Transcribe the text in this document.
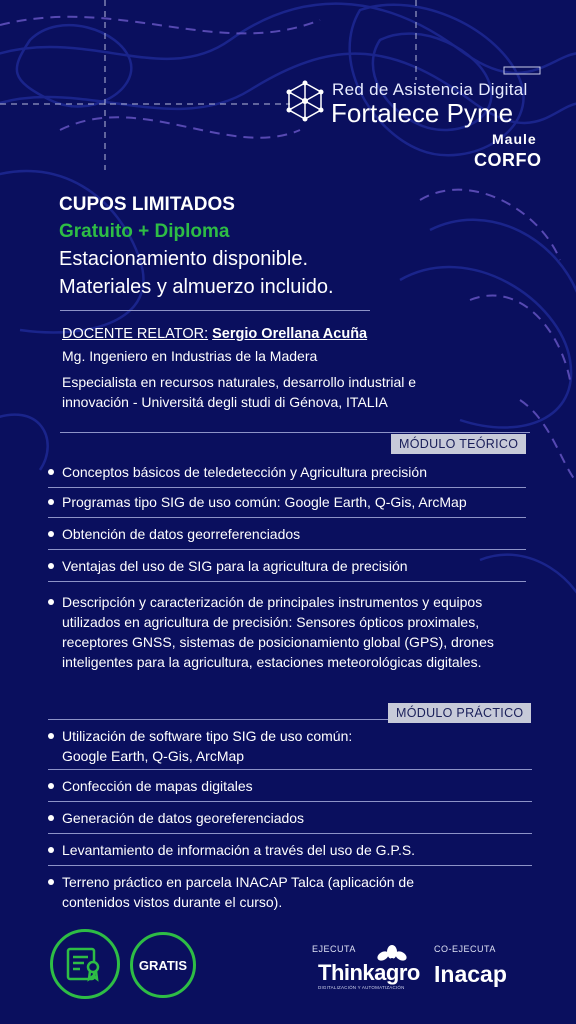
Red de Asistencia Digital
Fortalece Pyme
Maule
CORFO
CUPOS LIMITADOS
Gratuito + Diploma
Estacionamiento disponible.
Materiales y almuerzo incluido.
DOCENTE RELATOR: Sergio Orellana Acuña
Mg. Ingeniero en Industrias de la Madera
Especialista en recursos naturales, desarrollo industrial e innovación - Universitá degli studi di Génova, ITALIA
MÓDULO TEÓRICO
Conceptos básicos de teledetección y Agricultura precisión
Programas tipo SIG de uso común: Google Earth, Q-Gis, ArcMap
Obtención de datos georreferenciados
Ventajas del uso de SIG para la agricultura de precisión
Descripción y caracterización de principales instrumentos y equipos utilizados en agricultura de precisión: Sensores ópticos proximales, receptores GNSS, sistemas de posicionamiento global (GPS), drones inteligentes para la agricultura, estaciones meteorológicas digitales.
MÓDULO PRÁCTICO
Utilización de software tipo SIG de uso común: Google Earth, Q-Gis, ArcMap
Confección de mapas digitales
Generación de datos georeferenciados
Levantamiento de información a través del uso de G.P.S.
Terreno práctico en parcela INACAP Talca (aplicación de contenidos vistos durante el curso).
GRATIS
EJECUTA
Thinkagro
DIGITALIZACIÓN Y AUTOMATIZACIÓN
CO-EJECUTA
Inacap
